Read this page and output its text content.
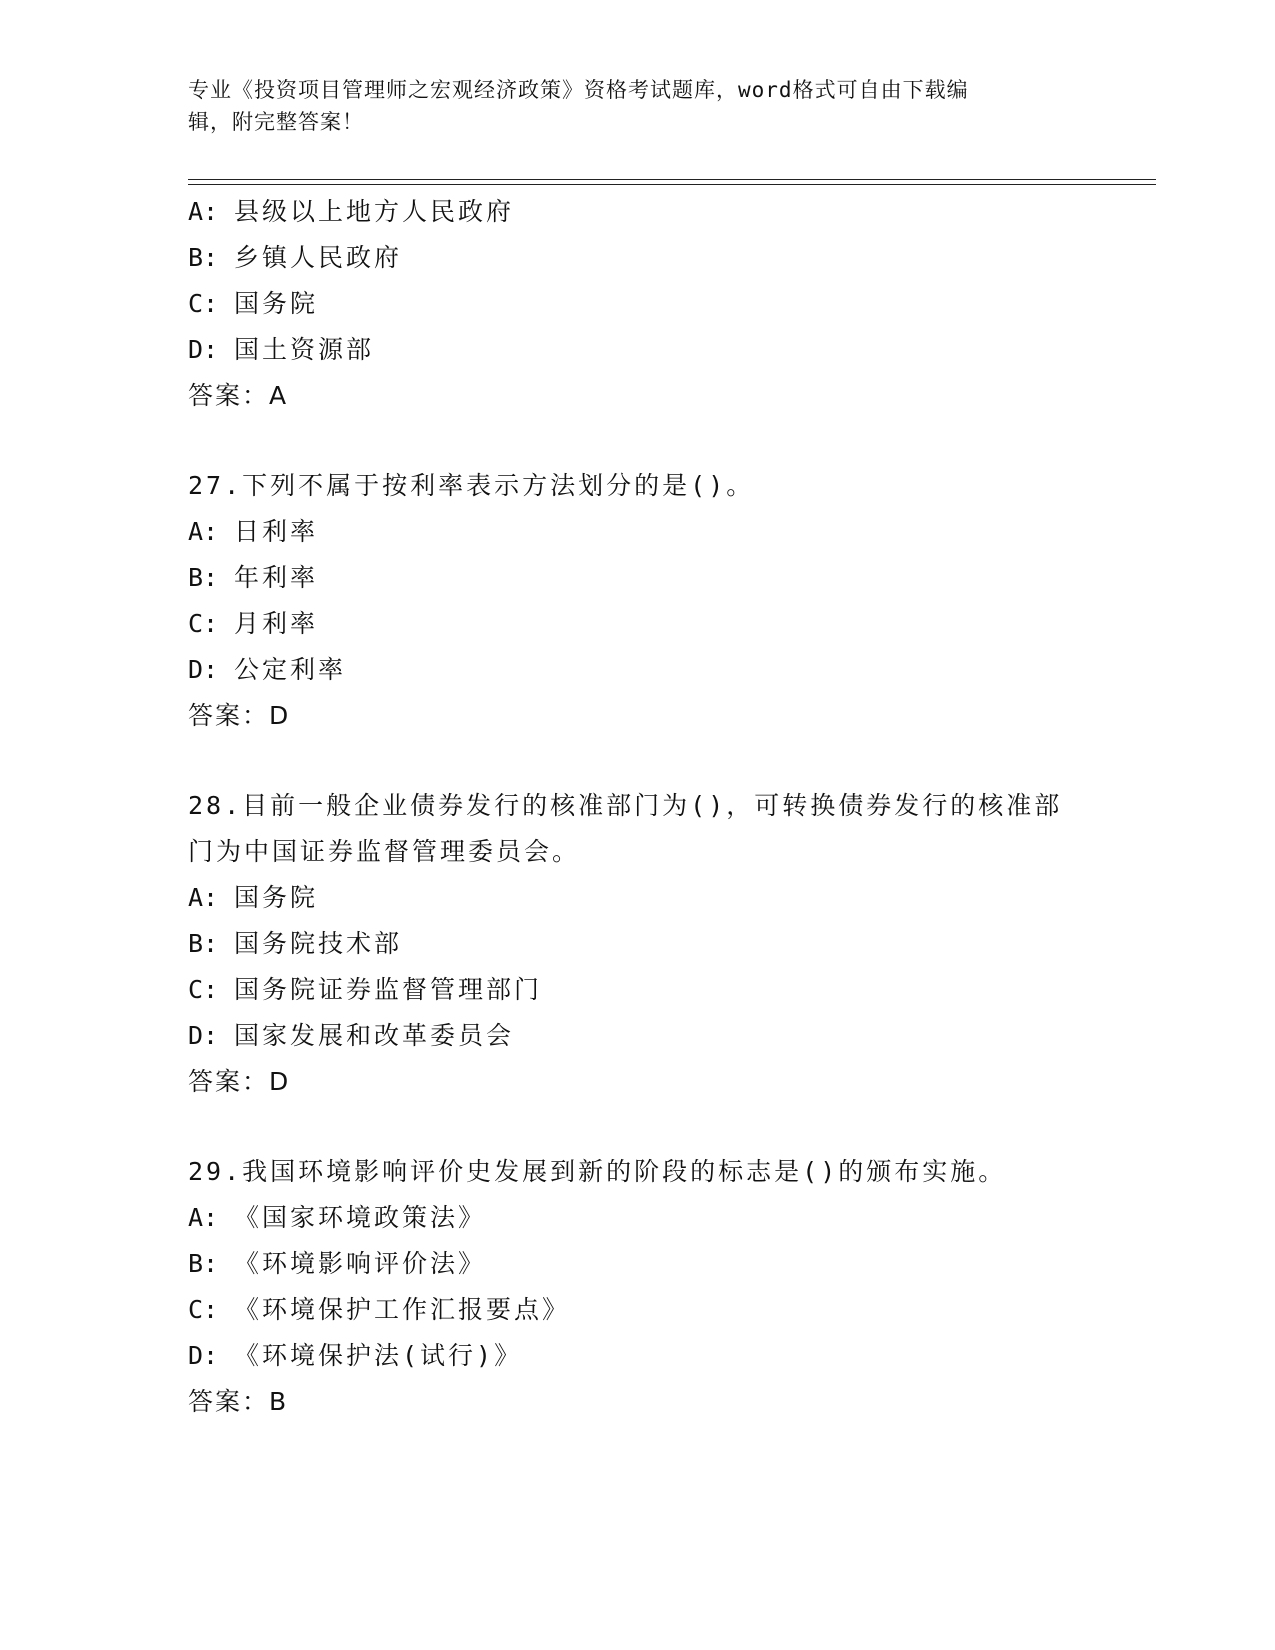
专业《投资项目管理师之宏观经济政策》资格考试题库，word格式可自由下载编
辑，附完整答案！
A: 县级以上地方人民政府
B: 乡镇人民政府
C: 国务院
D: 国土资源部
答案：A
27.下列不属于按利率表示方法划分的是()。
A: 日利率
B: 年利率
C: 月利率
D: 公定利率
答案：D
28.目前一般企业债券发行的核准部门为()，可转换债券发行的核准部
门为中国证券监督管理委员会。
A: 国务院
B: 国务院技术部
C: 国务院证券监督管理部门
D: 国家发展和改革委员会
答案：D
29.我国环境影响评价史发展到新的阶段的标志是()的颁布实施。
A: 《国家环境政策法》
B: 《环境影响评价法》
C: 《环境保护工作汇报要点》
D: 《环境保护法(试行)》
答案：B
